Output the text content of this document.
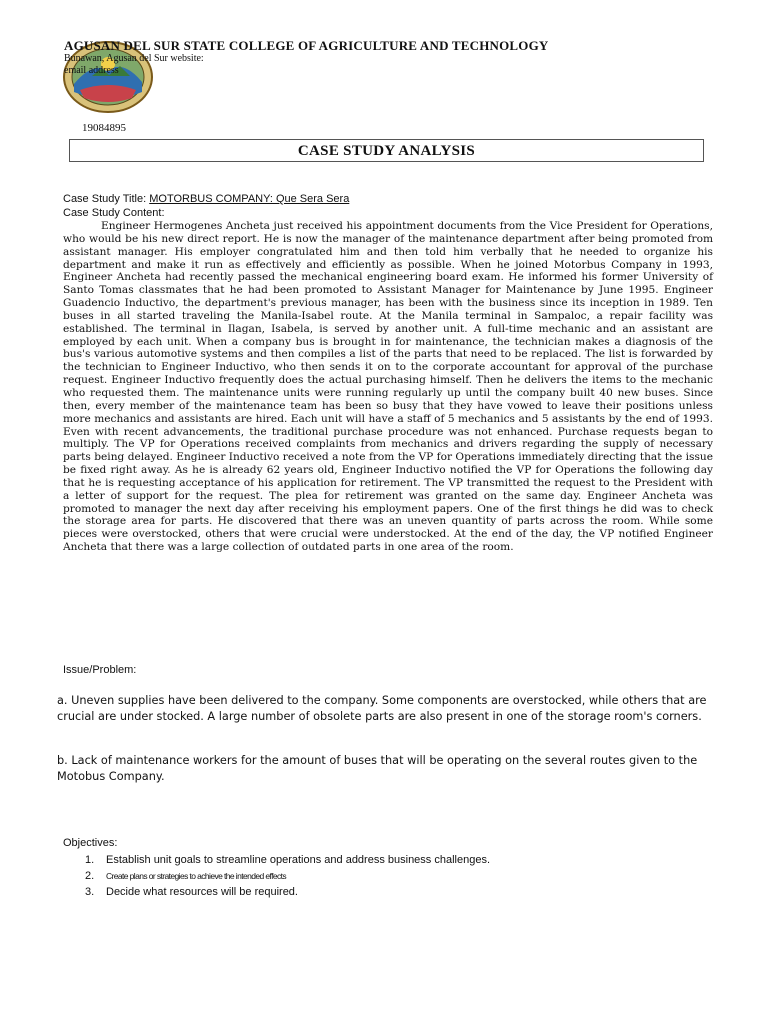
AGUSAN DEL SUR STATE COLLEGE OF AGRICULTURE AND TECHNOLOGY
Bunawan, Agusan del Sur website:
email address
19084895
CASE STUDY ANALYSIS
Case Study Title: MOTORBUS COMPANY: Que Sera Sera
Case Study Content:

Engineer Hermogenes Ancheta just received his appointment documents from the Vice President for Operations, who would be his new direct report. He is now the manager of the maintenance department after being promoted from assistant manager. His employer congratulated him and then told him verbally that he needed to organize his department and make it run as effectively and efficiently as possible. When he joined Motorbus Company in 1993, Engineer Ancheta had recently passed the mechanical engineering board exam. He informed his former University of Santo Tomas classmates that he had been promoted to Assistant Manager for Maintenance by June 1995. Engineer Guadencio Inductivo, the department's previous manager, has been with the business since its inception in 1989. Ten buses in all started traveling the Manila-Isabel route. At the Manila terminal in Sampaloc, a repair facility was established. The terminal in Ilagan, Isabela, is served by another unit. A full-time mechanic and an assistant are employed by each unit. When a company bus is brought in for maintenance, the technician makes a diagnosis of the bus's various automotive systems and then compiles a list of the parts that need to be replaced. The list is forwarded by the technician to Engineer Inductivo, who then sends it on to the corporate accountant for approval of the purchase request. Engineer Inductivo frequently does the actual purchasing himself. Then he delivers the items to the mechanic who requested them. The maintenance units were running regularly up until the company built 40 new buses. Since then, every member of the maintenance team has been so busy that they have vowed to leave their positions unless more mechanics and assistants are hired. Each unit will have a staff of 5 mechanics and 5 assistants by the end of 1993. Even with recent advancements, the traditional purchase procedure was not enhanced. Purchase requests began to multiply. The VP for Operations received complaints from mechanics and drivers regarding the supply of necessary parts being delayed. Engineer Inductivo received a note from the VP for Operations immediately directing that the issue be fixed right away. As he is already 62 years old, Engineer Inductivo notified the VP for Operations the following day that he is requesting acceptance of his application for retirement. The VP transmitted the request to the President with a letter of support for the request. The plea for retirement was granted on the same day. Engineer Ancheta was promoted to manager the next day after receiving his employment papers. One of the first things he did was to check the storage area for parts. He discovered that there was an uneven quantity of parts across the room. While some pieces were overstocked, others that were crucial were understocked. At the end of the day, the VP notified Engineer Ancheta that there was a large collection of outdated parts in one area of the room.

Issue/Problem:
a. Uneven supplies have been delivered to the company. Some components are overstocked, while others that are crucial are under stocked. A large number of obsolete parts are also present in one of the storage room's corners.
b. Lack of maintenance workers for the amount of buses that will be operating on the several routes given to the Motobus Company.
Objectives:
1. Establish unit goals to streamline operations and address business challenges.
2. Create plans or strategies to achieve the intended effects
3. Decide what resources will be required.
